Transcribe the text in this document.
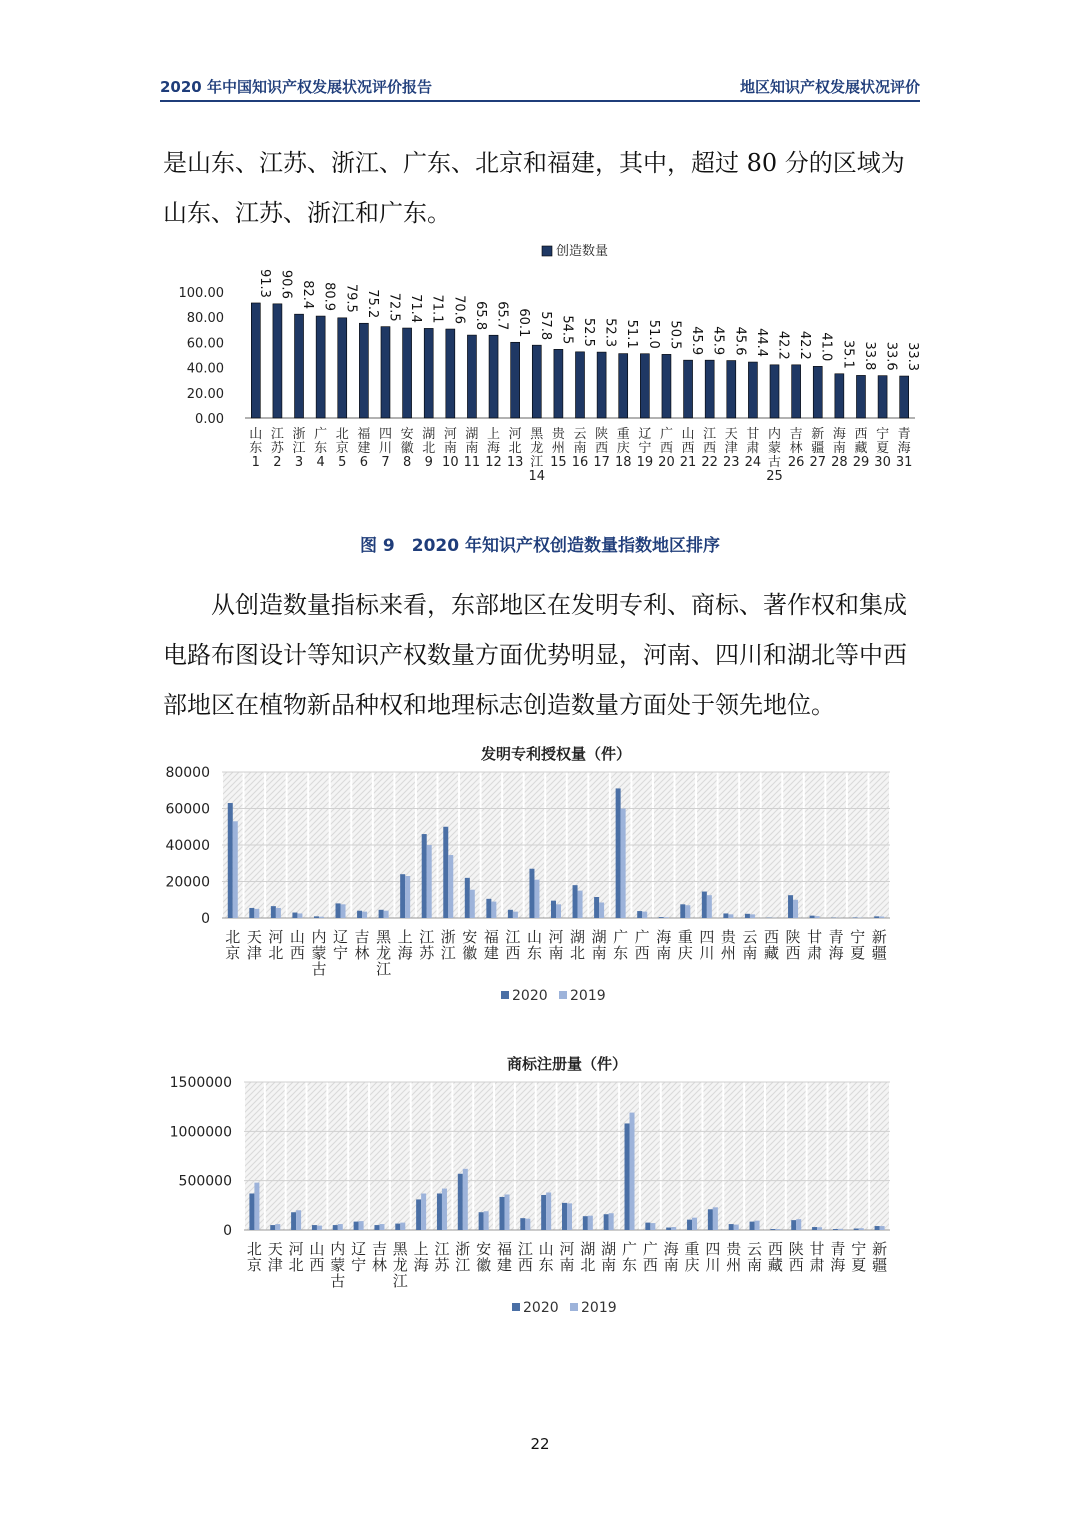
2020 年中国知识产权发展状况评价报告	地区知识产权发展状况评价

是山东、江苏、浙江、广东、北京和福建，其中，超过 80 分的区域为山东、江苏、浙江和广东。

创造数量
0.00
20.00
40.00
60.00
80.00
100.00	91.3
山东 1
90.6
江苏 2
82.4
浙江 3
80.9
广东 4
79.5
北京 5
75.2
福建 6
72.5
四川 7
71.4
安徽 8
71.1
湖北 9
70.6
河南 10
65.8
湖南 11
65.7
上海 12
60.1
河北 13
57.8
黑龙江 14
54.5
贵州 15
52.5
云南 16
52.3
陕西 17
51.1
重庆 18
51.0
辽宁 19
50.5
广西 20
45.9
山西 21
45.9
江西 22
45.6
天津 23
44.4
甘肃 24
42.2
内蒙古 25
42.2
吉林 26
41.0
新疆 27
35.1
海南 28
33.8
西藏 29
33.6
宁夏 30
33.3
青海 31
图 9　2020 年知识产权创造数量指数地区排序

从创造数量指标来看，东部地区在发明专利、商标、著作权和集成电路布图设计等知识产权数量方面优势明显，河南、四川和湖北等中西部地区在植物新品种权和地理标志创造数量方面处于领先地位。

发明专利授权量（件）
0
20000
40000
60000
80000
北京
天津
河北
山西
内蒙古
辽宁
吉林
黑龙江
上海
江苏
浙江
安徽
福建
江西
山东
河南
湖北
湖南
广东
广西
海南
重庆
四川
贵州
云南
西藏
陕西
甘肃
青海
宁夏
新疆
2020 2019
商标注册量（件）
0
500000
1000000
1500000
北京
天津
河北
山西
内蒙古
辽宁
吉林
黑龙江
上海
江苏
浙江
安徽
福建
江西
山东
河南
湖北
湖南
广东
广西
海南
重庆
四川
贵州
云南
西藏
陕西
甘肃
青海
宁夏
新疆
2020 2019
22
